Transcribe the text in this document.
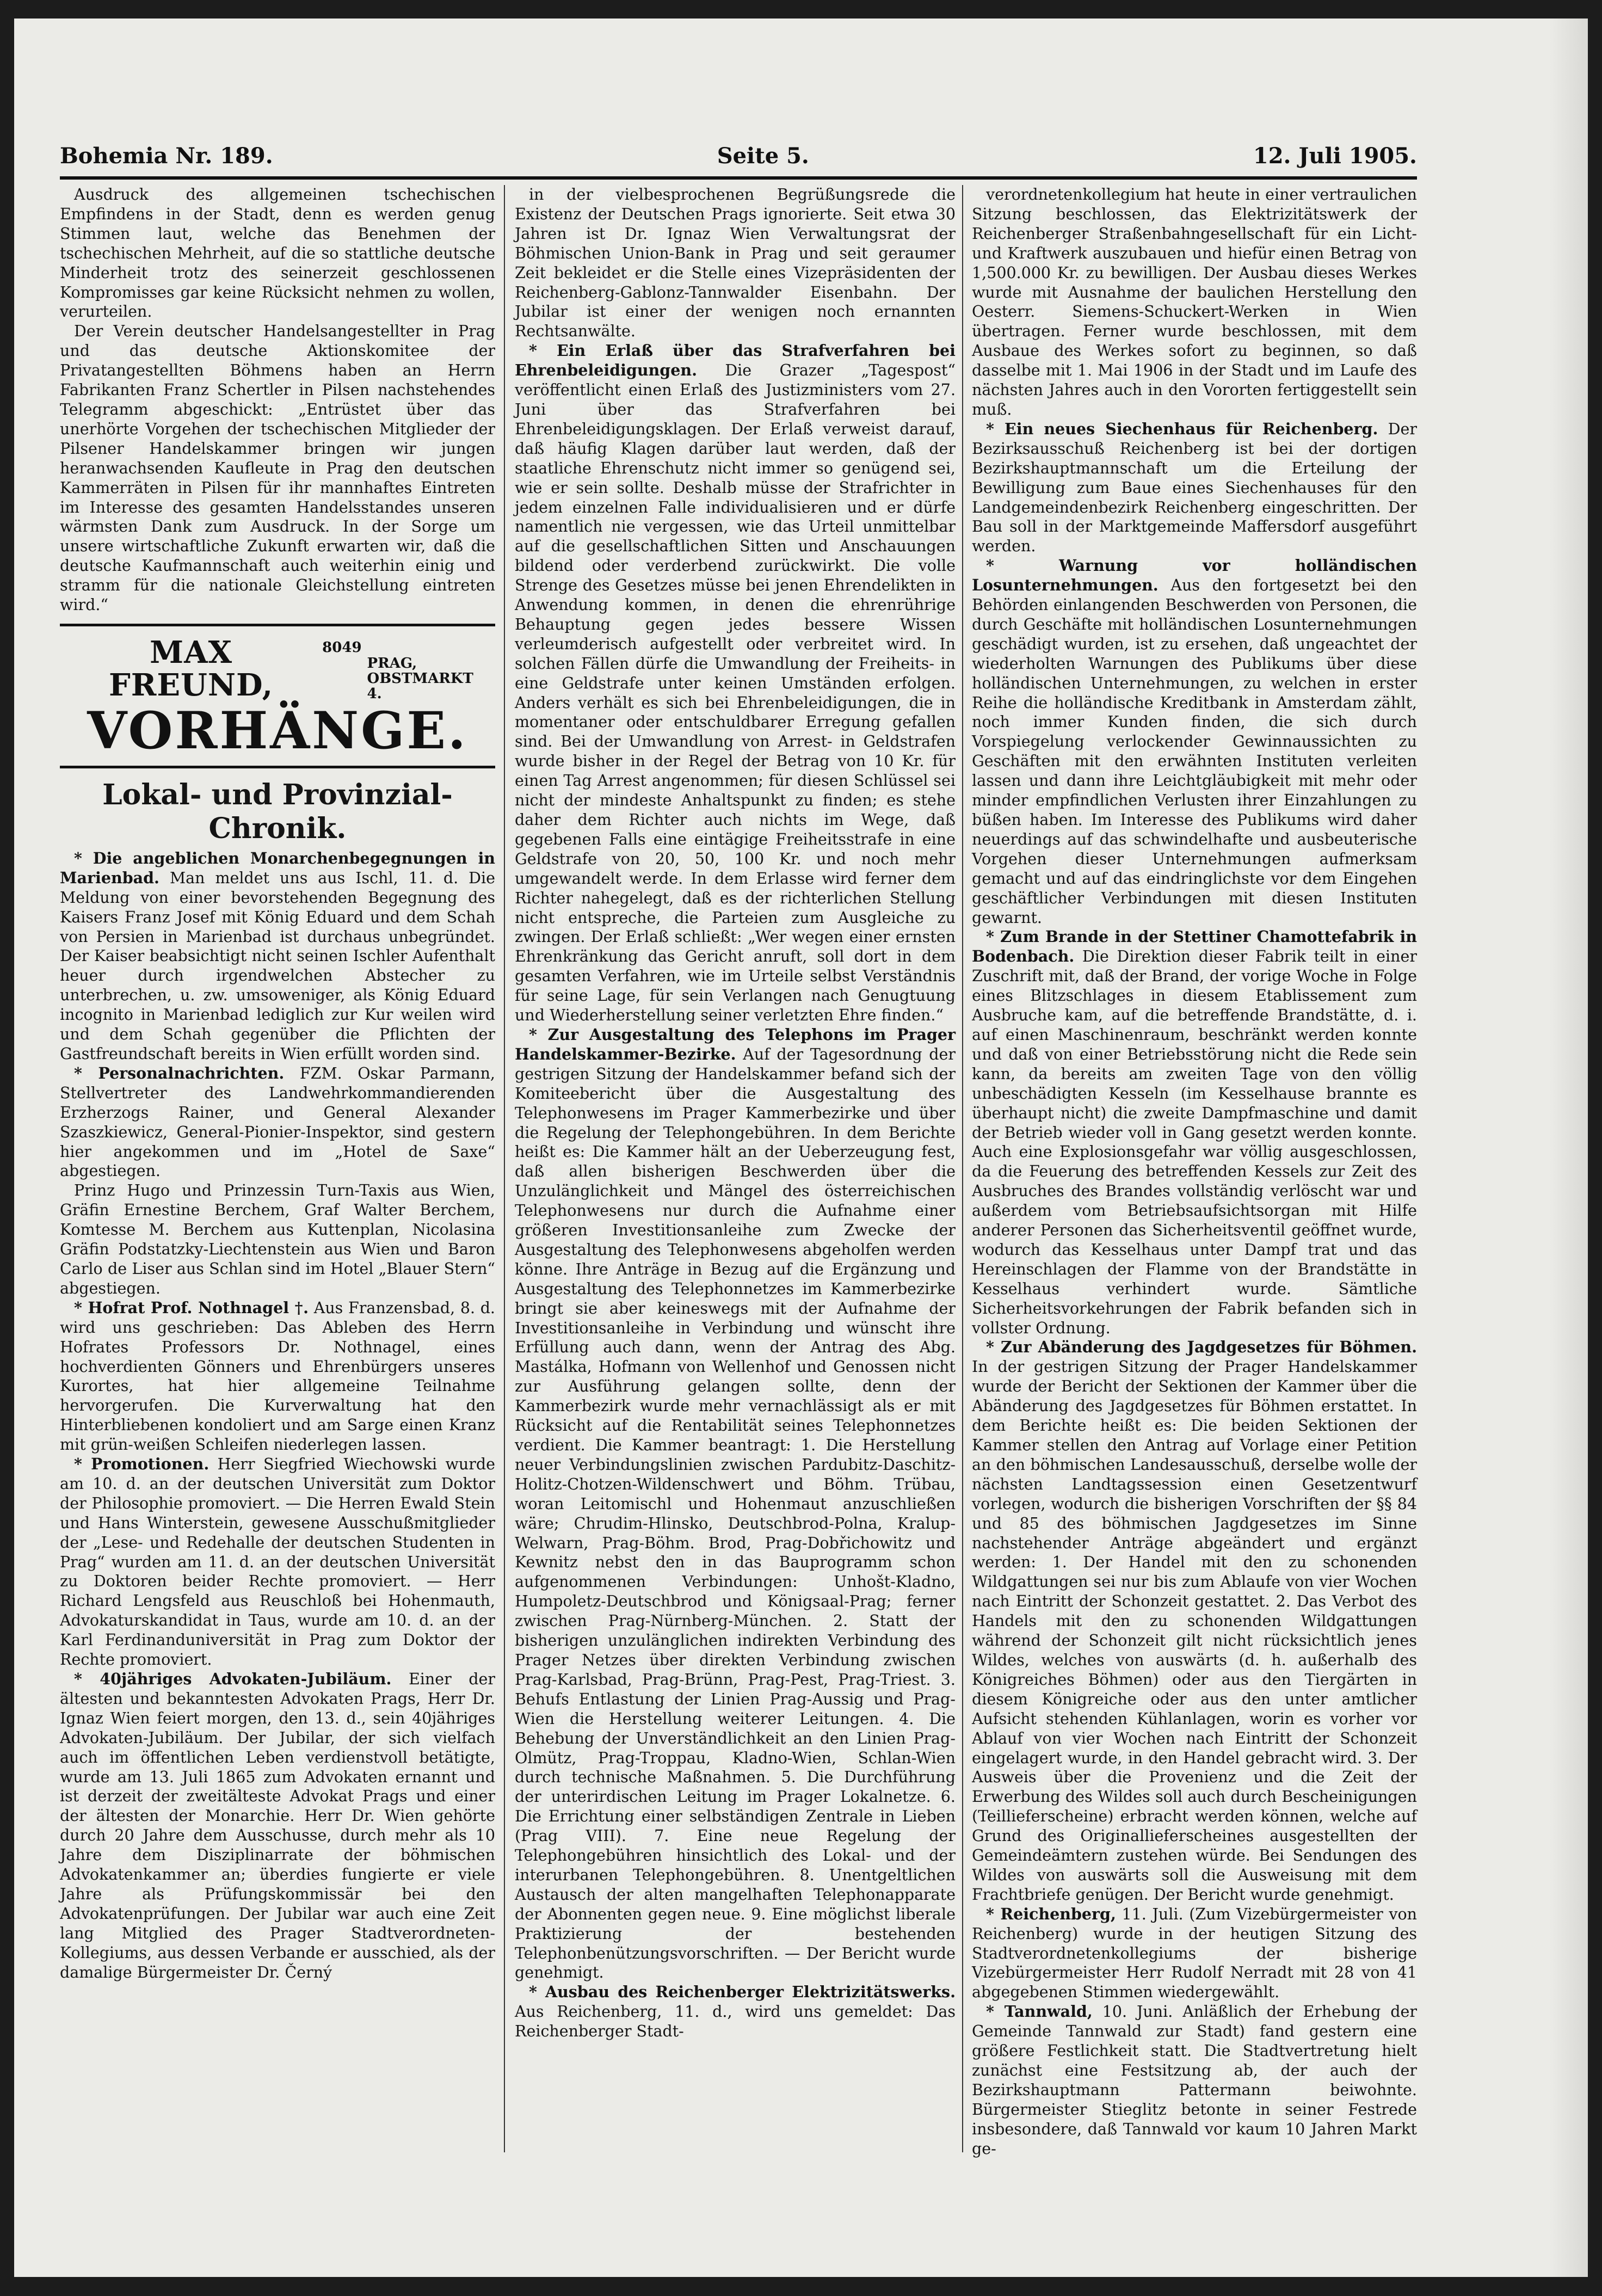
Bohemia Nr. 189.	Seite 5.	12. Juli 1905.

Ausdruck des allgemeinen tschechischen Empfindens in der Stadt, denn es werden genug Stimmen laut, welche das Benehmen der tschechischen Mehrheit, auf die so stattliche deutsche Minderheit trotz des seinerzeit geschlossenen Kompromisses gar keine Rücksicht nehmen zu wollen, verurteilen.

Der Verein deutscher Handelsangestellter in Prag und das deutsche Aktionskomitee der Privatangestellten Böhmens haben an Herrn Fabrikanten Franz Schertler in Pilsen nachstehendes Telegramm abgeschickt: „Entrüstet über das unerhörte Vorgehen der tschechischen Mitglieder der Pilsener Handelskammer bringen wir jungen heranwachsenden Kaufleute in Prag den deutschen Kammerräten in Pilsen für ihr mannhaftes Eintreten im Interesse des gesamten Handelsstandes unseren wärmsten Dank zum Ausdruck. In der Sorge um unsere wirtschaftliche Zukunft erwarten wir, daß die deutsche Kaufmannschaft auch weiterhin einig und stramm für die nationale Gleichstellung eintreten wird.“

MAX FREUND,
8049
PRAG,
OBSTMARKT 4.
VORHÄNGE.
Lokal- und Provinzial-Chronik.

* Die angeblichen Monarchenbegegnungen in Marienbad. Man meldet uns aus Ischl, 11. d. Die Meldung von einer bevorstehenden Begegnung des Kaisers Franz Josef mit König Eduard und dem Schah von Persien in Marienbad ist durchaus unbegründet. Der Kaiser beabsichtigt nicht seinen Ischler Aufenthalt heuer durch irgendwelchen Abstecher zu unterbrechen, u. zw. umsoweniger, als König Eduard incognito in Marienbad lediglich zur Kur weilen wird und dem Schah gegenüber die Pflichten der Gastfreundschaft bereits in Wien erfüllt worden sind.

* Personalnachrichten. FZM. Oskar Parmann, Stellvertreter des Landwehrkommandierenden Erzherzogs Rainer, und General Alexander Szaszkiewicz, General-Pionier-Inspektor, sind gestern hier angekommen und im „Hotel de Saxe“ abgestiegen.

Prinz Hugo und Prinzessin Turn-Taxis aus Wien, Gräfin Ernestine Berchem, Graf Walter Berchem, Komtesse M. Berchem aus Kuttenplan, Nicolasina Gräfin Podstatzky-Liechtenstein aus Wien und Baron Carlo de Liser aus Schlan sind im Hotel „Blauer Stern“ abgestiegen.

* Hofrat Prof. Nothnagel †. Aus Franzensbad, 8. d. wird uns geschrieben: Das Ableben des Herrn Hofrates Professors Dr. Nothnagel, eines hochverdienten Gönners und Ehrenbürgers unseres Kurortes, hat hier allgemeine Teilnahme hervorgerufen. Die Kurverwaltung hat den Hinterbliebenen kondoliert und am Sarge einen Kranz mit grün-weißen Schleifen niederlegen lassen.

* Promotionen. Herr Siegfried Wiechowski wurde am 10. d. an der deutschen Universität zum Doktor der Philosophie promoviert. — Die Herren Ewald Stein und Hans Winterstein, gewesene Ausschußmitglieder der „Lese- und Redehalle der deutschen Studenten in Prag“ wurden am 11. d. an der deutschen Universität zu Doktoren beider Rechte promoviert. — Herr Richard Lengsfeld aus Reuschloß bei Hohenmauth, Advokaturskandidat in Taus, wurde am 10. d. an der Karl Ferdinanduniversität in Prag zum Doktor der Rechte promoviert.

* 40jähriges Advokaten-Jubiläum. Einer der ältesten und bekanntesten Advokaten Prags, Herr Dr. Ignaz Wien feiert morgen, den 13. d., sein 40jähriges Advokaten-Jubiläum. Der Jubilar, der sich vielfach auch im öffentlichen Leben verdienstvoll betätigte, wurde am 13. Juli 1865 zum Advokaten ernannt und ist derzeit der zweitälteste Advokat Prags und einer der ältesten der Monarchie. Herr Dr. Wien gehörte durch 20 Jahre dem Ausschusse, durch mehr als 10 Jahre dem Disziplinarrate der böhmischen Advokatenkammer an; überdies fungierte er viele Jahre als Prüfungskommissär bei den Advokatenprüfungen. Der Jubilar war auch eine Zeit lang Mitglied des Prager Stadtverordneten-Kollegiums, aus dessen Verbande er ausschied, als der damalige Bürgermeister Dr. Černý

in der vielbesprochenen Begrüßungsrede die Existenz der Deutschen Prags ignorierte. Seit etwa 30 Jahren ist Dr. Ignaz Wien Verwaltungsrat der Böhmischen Union-Bank in Prag und seit geraumer Zeit bekleidet er die Stelle eines Vizepräsidenten der Reichenberg-Gablonz-Tannwalder Eisenbahn. Der Jubilar ist einer der wenigen noch ernannten Rechtsanwälte.

* Ein Erlaß über das Strafverfahren bei Ehrenbeleidigungen. Die Grazer „Tagespost“ veröffentlicht einen Erlaß des Justizministers vom 27. Juni über das Strafverfahren bei Ehrenbeleidigungsklagen. Der Erlaß verweist darauf, daß häufig Klagen darüber laut werden, daß der staatliche Ehrenschutz nicht immer so genügend sei, wie er sein sollte. Deshalb müsse der Strafrichter in jedem einzelnen Falle individualisieren und er dürfe namentlich nie vergessen, wie das Urteil unmittelbar auf die gesellschaftlichen Sitten und Anschauungen bildend oder verderbend zurückwirkt. Die volle Strenge des Gesetzes müsse bei jenen Ehrendelikten in Anwendung kommen, in denen die ehrenrührige Behauptung gegen jedes bessere Wissen verleumderisch aufgestellt oder verbreitet wird. In solchen Fällen dürfe die Umwandlung der Freiheits- in eine Geldstrafe unter keinen Umständen erfolgen. Anders verhält es sich bei Ehrenbeleidigungen, die in momentaner oder entschuldbarer Erregung gefallen sind. Bei der Umwandlung von Arrest- in Geldstrafen wurde bisher in der Regel der Betrag von 10 Kr. für einen Tag Arrest angenommen; für diesen Schlüssel sei nicht der mindeste Anhaltspunkt zu finden; es stehe daher dem Richter auch nichts im Wege, daß gegebenen Falls eine eintägige Freiheitsstrafe in eine Geldstrafe von 20, 50, 100 Kr. und noch mehr umgewandelt werde. In dem Erlasse wird ferner dem Richter nahegelegt, daß es der richterlichen Stellung nicht entspreche, die Parteien zum Ausgleiche zu zwingen. Der Erlaß schließt: „Wer wegen einer ernsten Ehrenkränkung das Gericht anruft, soll dort in dem gesamten Verfahren, wie im Urteile selbst Verständnis für seine Lage, für sein Verlangen nach Genugtuung und Wiederherstellung seiner verletzten Ehre finden.“

* Zur Ausgestaltung des Telephons im Prager Handelskammer-Bezirke. Auf der Tagesordnung der gestrigen Sitzung der Handelskammer befand sich der Komiteebericht über die Ausgestaltung des Telephonwesens im Prager Kammerbezirke und über die Regelung der Telephongebühren. In dem Berichte heißt es: Die Kammer hält an der Ueberzeugung fest, daß allen bisherigen Beschwerden über die Unzulänglichkeit und Mängel des österreichischen Telephonwesens nur durch die Aufnahme einer größeren Investitionsanleihe zum Zwecke der Ausgestaltung des Telephonwesens abgeholfen werden könne. Ihre Anträge in Bezug auf die Ergänzung und Ausgestaltung des Telephonnetzes im Kammerbezirke bringt sie aber keineswegs mit der Aufnahme der Investitionsanleihe in Verbindung und wünscht ihre Erfüllung auch dann, wenn der Antrag des Abg. Mastálka, Hofmann von Wellenhof und Genossen nicht zur Ausführung gelangen sollte, denn der Kammerbezirk wurde mehr vernachlässigt als er mit Rücksicht auf die Rentabilität seines Telephonnetzes verdient. Die Kammer beantragt: 1. Die Herstellung neuer Verbindungslinien zwischen Pardubitz-Daschitz-Holitz-Chotzen-Wildenschwert und Böhm. Trübau, woran Leitomischl und Hohenmaut anzuschließen wäre; Chrudim-Hlinsko, Deutschbrod-Polna, Kralup-Welwarn, Prag-Böhm. Brod, Prag-Dobřichowitz und Kewnitz nebst den in das Bauprogramm schon aufgenommenen Verbindungen: Unhošt-Kladno, Humpoletz-Deutschbrod und Königsaal-Prag; ferner zwischen Prag-Nürnberg-München. 2. Statt der bisherigen unzulänglichen indirekten Verbindung des Prager Netzes über direkten Verbindung zwischen Prag-Karlsbad, Prag-Brünn, Prag-Pest, Prag-Triest. 3. Behufs Entlastung der Linien Prag-Aussig und Prag-Wien die Herstellung weiterer Leitungen. 4. Die Behebung der Unverständlichkeit an den Linien Prag-Olmütz, Prag-Troppau, Kladno-Wien, Schlan-Wien durch technische Maßnahmen. 5. Die Durchführung der unterirdischen Leitung im Prager Lokalnetze. 6. Die Errichtung einer selbständigen Zentrale in Lieben (Prag VIII). 7. Eine neue Regelung der Telephongebühren hinsichtlich des Lokal- und der interurbanen Telephongebühren. 8. Unentgeltlichen Austausch der alten mangelhaften Telephonapparate der Abonnenten gegen neue. 9. Eine möglichst liberale Praktizierung der bestehenden Telephonbenützungsvorschriften. — Der Bericht wurde genehmigt.

* Ausbau des Reichenberger Elektrizitätswerks. Aus Reichenberg, 11. d., wird uns gemeldet: Das Reichenberger Stadt-

verordnetenkollegium hat heute in einer vertraulichen Sitzung beschlossen, das Elektrizitätswerk der Reichenberger Straßenbahngesellschaft für ein Licht- und Kraftwerk auszubauen und hiefür einen Betrag von 1,500.000 Kr. zu bewilligen. Der Ausbau dieses Werkes wurde mit Ausnahme der baulichen Herstellung den Oesterr. Siemens-Schuckert-Werken in Wien übertragen. Ferner wurde beschlossen, mit dem Ausbaue des Werkes sofort zu beginnen, so daß dasselbe mit 1. Mai 1906 in der Stadt und im Laufe des nächsten Jahres auch in den Vororten fertiggestellt sein muß.

* Ein neues Siechenhaus für Reichenberg. Der Bezirksausschuß Reichenberg ist bei der dortigen Bezirkshauptmannschaft um die Erteilung der Bewilligung zum Baue eines Siechenhauses für den Landgemeindenbezirk Reichenberg eingeschritten. Der Bau soll in der Marktgemeinde Maffersdorf ausgeführt werden.

* Warnung vor holländischen Losunternehmungen. Aus den fortgesetzt bei den Behörden einlangenden Beschwerden von Personen, die durch Geschäfte mit holländischen Losunternehmungen geschädigt wurden, ist zu ersehen, daß ungeachtet der wiederholten Warnungen des Publikums über diese holländischen Unternehmungen, zu welchen in erster Reihe die holländische Kreditbank in Amsterdam zählt, noch immer Kunden finden, die sich durch Vorspiegelung verlockender Gewinnaussichten zu Geschäften mit den erwähnten Instituten verleiten lassen und dann ihre Leichtgläubigkeit mit mehr oder minder empfindlichen Verlusten ihrer Einzahlungen zu büßen haben. Im Interesse des Publikums wird daher neuerdings auf das schwindelhafte und ausbeuterische Vorgehen dieser Unternehmungen aufmerksam gemacht und auf das eindringlichste vor dem Eingehen geschäftlicher Verbindungen mit diesen Instituten gewarnt.

* Zum Brande in der Stettiner Chamottefabrik in Bodenbach. Die Direktion dieser Fabrik teilt in einer Zuschrift mit, daß der Brand, der vorige Woche in Folge eines Blitzschlages in diesem Etablissement zum Ausbruche kam, auf die betreffende Brandstätte, d. i. auf einen Maschinenraum, beschränkt werden konnte und daß von einer Betriebsstörung nicht die Rede sein kann, da bereits am zweiten Tage von den völlig unbeschädigten Kesseln (im Kesselhause brannte es überhaupt nicht) die zweite Dampfmaschine und damit der Betrieb wieder voll in Gang gesetzt werden konnte. Auch eine Explosionsgefahr war völlig ausgeschlossen, da die Feuerung des betreffenden Kessels zur Zeit des Ausbruches des Brandes vollständig verlöscht war und außerdem vom Betriebsaufsichtsorgan mit Hilfe anderer Personen das Sicherheitsventil geöffnet wurde, wodurch das Kesselhaus unter Dampf trat und das Hereinschlagen der Flamme von der Brandstätte in Kesselhaus verhindert wurde. Sämtliche Sicherheitsvorkehrungen der Fabrik befanden sich in vollster Ordnung.

* Zur Abänderung des Jagdgesetzes für Böhmen. In der gestrigen Sitzung der Prager Handelskammer wurde der Bericht der Sektionen der Kammer über die Abänderung des Jagdgesetzes für Böhmen erstattet. In dem Berichte heißt es: Die beiden Sektionen der Kammer stellen den Antrag auf Vorlage einer Petition an den böhmischen Landesausschuß, derselbe wolle der nächsten Landtagssession einen Gesetzentwurf vorlegen, wodurch die bisherigen Vorschriften der §§ 84 und 85 des böhmischen Jagdgesetzes im Sinne nachstehender Anträge abgeändert und ergänzt werden: 1. Der Handel mit den zu schonenden Wildgattungen sei nur bis zum Ablaufe von vier Wochen nach Eintritt der Schonzeit gestattet. 2. Das Verbot des Handels mit den zu schonenden Wildgattungen während der Schonzeit gilt nicht rücksichtlich jenes Wildes, welches von auswärts (d. h. außerhalb des Königreiches Böhmen) oder aus den Tiergärten in diesem Königreiche oder aus den unter amtlicher Aufsicht stehenden Kühlanlagen, worin es vorher vor Ablauf von vier Wochen nach Eintritt der Schonzeit eingelagert wurde, in den Handel gebracht wird. 3. Der Ausweis über die Provenienz und die Zeit der Erwerbung des Wildes soll auch durch Bescheinigungen (Teillieferscheine) erbracht werden können, welche auf Grund des Originallieferscheines ausgestellten der Gemeindeämtern zustehen würde. Bei Sendungen des Wildes von auswärts soll die Ausweisung mit dem Frachtbriefe genügen. Der Bericht wurde genehmigt.

* Reichenberg, 11. Juli. (Zum Vizebürgermeister von Reichenberg) wurde in der heutigen Sitzung des Stadtverordnetenkollegiums der bisherige Vizebürgermeister Herr Rudolf Nerradt mit 28 von 41 abgegebenen Stimmen wiedergewählt.

* Tannwald, 10. Juni. Anläßlich der Erhebung der Gemeinde Tannwald zur Stadt) fand gestern eine größere Festlichkeit statt. Die Stadtvertretung hielt zunächst eine Festsitzung ab, der auch der Bezirkshauptmann Pattermann beiwohnte. Bürgermeister Stieglitz betonte in seiner Festrede insbesondere, daß Tannwald vor kaum 10 Jahren Markt ge-
